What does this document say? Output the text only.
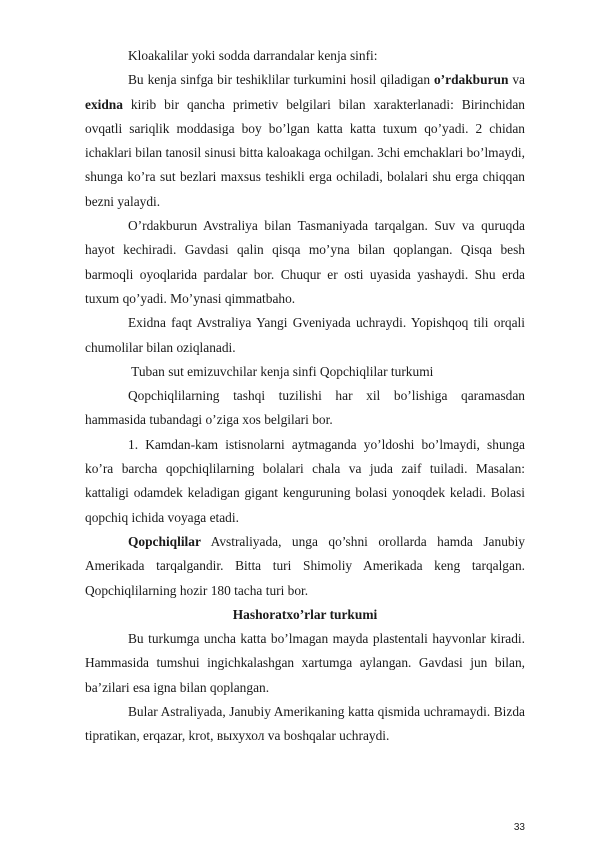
Kloakalilar yoki sodda darrandalar kenja sinfi:

Bu kenja sinfga bir teshiklilar turkumini hosil qiladigan o’rdakburun va exidna kirib bir qancha primetiv belgilari bilan xarakterlanadi: Birinchidan ovqatli sariqlik moddasiga boy bo’lgan katta katta tuxum qo’yadi. 2 chidan ichaklari bilan tanosil sinusi bitta kaloakaga ochilgan. 3chi emchaklari bo’lmaydi, shunga ko’ra sut bezlari maxsus teshikli erga ochiladi, bolalari shu erga chiqqan bezni yalaydi.

O’rdakburun Avstraliya bilan Tasmaniyada tarqalgan. Suv va quruqda hayot kechiradi. Gavdasi qalin qisqa mo’yna bilan qoplangan. Qisqa besh barmoqli oyoqlarida pardalar bor. Chuqur er osti uyasida yashaydi. Shu erda tuxum qo’yadi. Mo’ynasi qimmatbaho.

Exidna faqt Avstraliya Yangi Gveniyada uchraydi. Yopishqoq tili orqali chumolilar bilan oziqlanadi.

Tuban sut emizuvchilar kenja sinfi Qopchiqlilar turkumi

Qopchiqlilarning tashqi tuzilishi har xil bo’lishiga qaramasdan hammasida tubandagi o’ziga xos belgilari bor.

1. Kamdan-kam istisnolarni aytmaganda yo’ldoshi bo’lmaydi, shunga ko’ra barcha qopchiqlilarning bolalari chala va juda zaif tuiladi. Masalan: kattaligi odamdek keladigan gigant kenguruning bolasi yonoqdek keladi. Bolasi qopchiq ichida voyaga etadi.

Qopchiqlilar Avstraliyada, unga qo’shni orollarda hamda Janubiy Amerikada tarqalgandir. Bitta turi Shimoliy Amerikada keng tarqalgan. Qopchiqlilarning hozir 180 tacha turi bor.

Hashoratxo’rlar turkumi

Bu turkumga uncha katta bo’lmagan mayda plastentali hayvonlar kiradi. Hammasida tumshui ingichkalashgan xartumga aylangan. Gavdasi jun bilan, ba’zilari esa igna bilan qoplangan.

Bular Astraliyada, Janubiy Amerikaning katta qismida uchramaydi. Bizda tipratikan, erqazar, krot, выхухол va boshqalar uchraydi.

33
